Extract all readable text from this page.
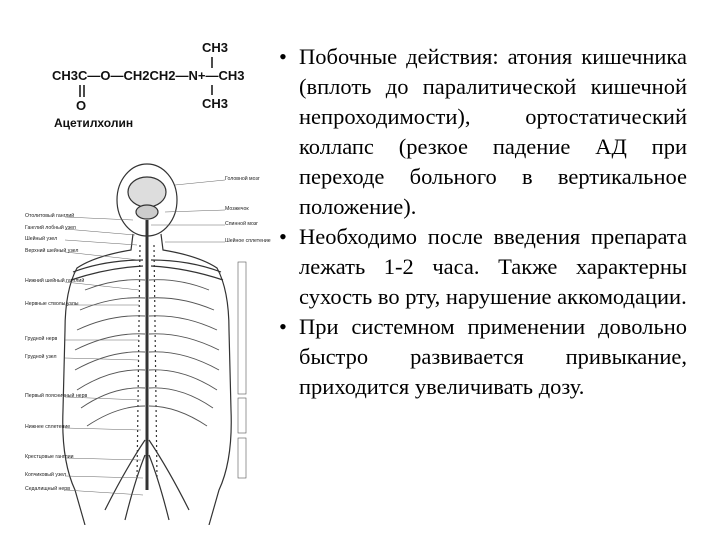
CH3
CH3C—O—CH2CH2—N+—CH3
CH3
O
Ацетилхолин
Отолитовый ганглий
Ганглий лобный узел
Шейный узел
Верхний шейный узел
Нижний шейный ганглий
Нервные стволы узлы
Грудной нерв
Грудной узел
Первый поясничный нерв
Нижнее сплетение
Крестцовые ганглии
Копчиковый узел
Седалищный нерв
Головной мозг
Мозжечок
Спинной мозг
Шейное сплетение
• Побочные действия: атония кишечника (вплоть до паралитической кишечной непроходимости), ортостатический коллапс (резкое падение АД при переходе больного в вертикальное положение).
• Необходимо после введения препарата лежать 1-2 часа. Также характерны сухость во рту, нарушение аккомодации.
• При системном применении довольно быстро развивается привыкание, приходится увеличивать дозу.
